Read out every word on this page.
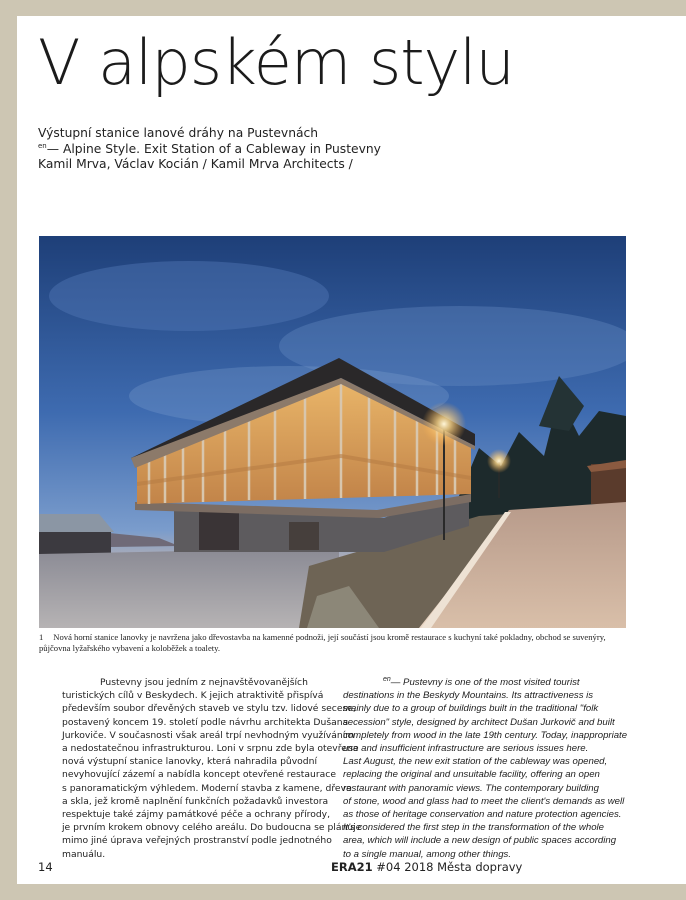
V alpském stylu
Výstupní stanice lanové dráhy na Pustevnách
$^{en}$— Alpine Style. Exit Station of a Cableway in Pustevny
Kamil Mrva, Václav Kocián / Kamil Mrva Architects /
1 Nová horní stanice lanovky je navržena jako dřevostavba na kamenné podnoži, její součástí jsou kromě restaurace s kuchyní také pokladny, obchod se suvenýry,
půjčovna lyžařského vybavení a koloběžek a toalety.
Pustevny jsou jedním z nejnavštěvovanějších
turistických cílů v Beskydech. K jejich atraktivitě přispívá
především soubor dřevěných staveb ve stylu tzv. lidové secese,
postavený koncem 19. století podle návrhu architekta Dušana
Jurkoviče. V současnosti však areál trpí nevhodným využíváním
a nedostatečnou infrastrukturou. Loni v srpnu zde byla otevřena
nová výstupní stanice lanovky, která nahradila původní
nevyhovující zázemí a nabídla koncept otevřené restaurace
s panoramatickým výhledem. Moderní stavba z kamene, dřeva
a skla, jež kromě naplnění funkčních požadavků investora
respektuje také zájmy památkové péče a ochrany přírody,
je prvním krokem obnovy celého areálu. Do budoucna se plánuje
mimo jiné úprava veřejných prostranství podle jednotného
manuálu.
$^{en}$— Pustevny is one of the most visited tourist
destinations in the Beskydy Mountains. Its attractiveness is
mainly due to a group of buildings built in the traditional "folk
secession" style, designed by architect Dušan Jurkovič and built
completely from wood in the late 19th century. Today, inappropriate
use and insufficient infrastructure are serious issues here.
Last August, the new exit station of the cableway was opened,
replacing the original and unsuitable facility, offering an open
restaurant with panoramic views. The contemporary building
of stone, wood and glass had to meet the client's demands as well
as those of heritage conservation and nature protection agencies.
It's considered the first step in the transformation of the whole
area, which will include a new design of public spaces according
to a single manual, among other things.
14	ERA21 #04 2018 Města dopravy
